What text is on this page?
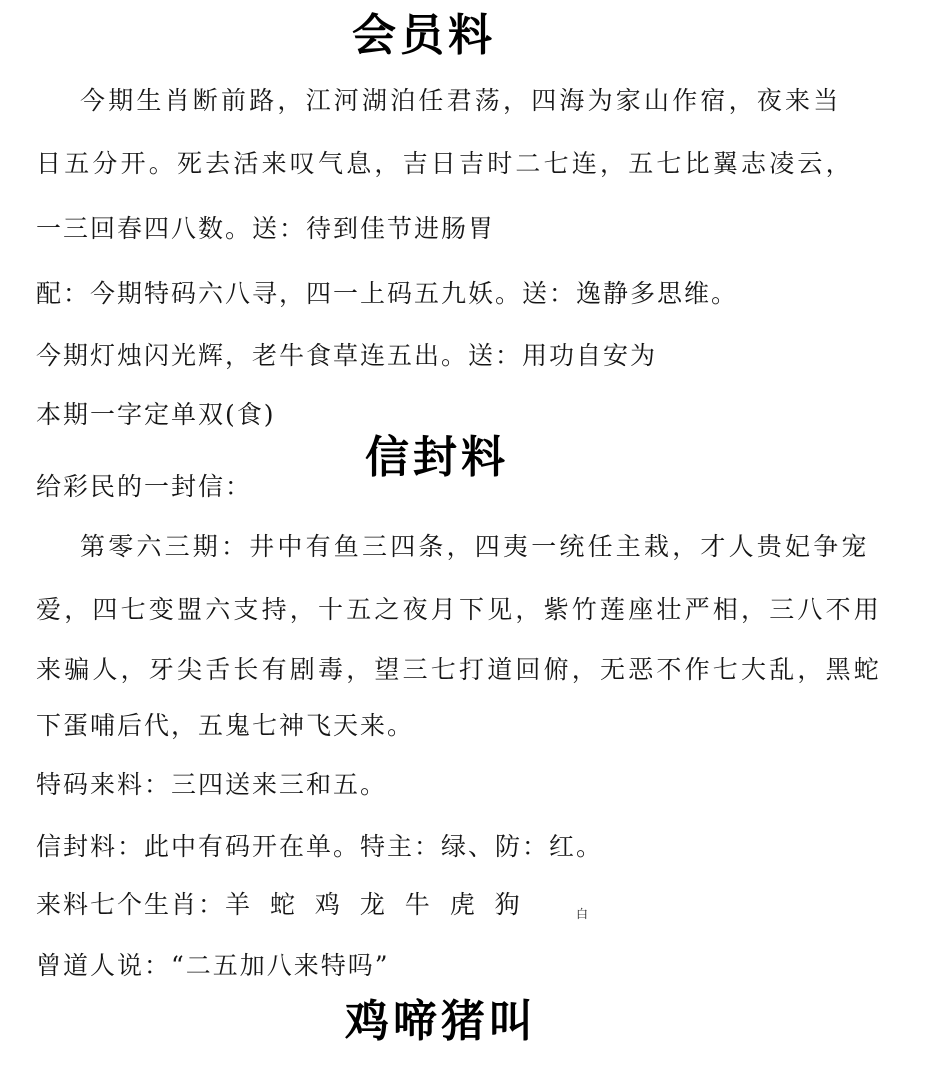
会员料
今期生肖断前路，江河湖泊任君荡，四海为家山作宿，夜来当
日五分开。死去活来叹气息，吉日吉时二七连，五七比翼志凌云，
一三回春四八数。送：待到佳节进肠胃
配：今期特码六八寻，四一上码五九妖。送：逸静多思维。
今期灯烛闪光辉，老牛食草连五出。送：用功自安为
本期一字定单双(食)
信封料
给彩民的一封信：
第零六三期：井中有鱼三四条，四夷一统任主栽，才人贵妃争宠
爱，四七变盟六支持，十五之夜月下见，紫竹莲座壮严相，三八不用
来骗人，牙尖舌长有剧毒，望三七打道回俯，无恶不作七大乱，黑蛇
下蛋哺后代，五鬼七神飞天来。
特码来料：三四送来三和五。
信封料：此中有码开在单。特主：绿、防：红。
来料七个生肖：羊 蛇 鸡 龙 牛 虎 狗	白
曾道人说：“二五加八来特吗”
鸡啼猪叫
